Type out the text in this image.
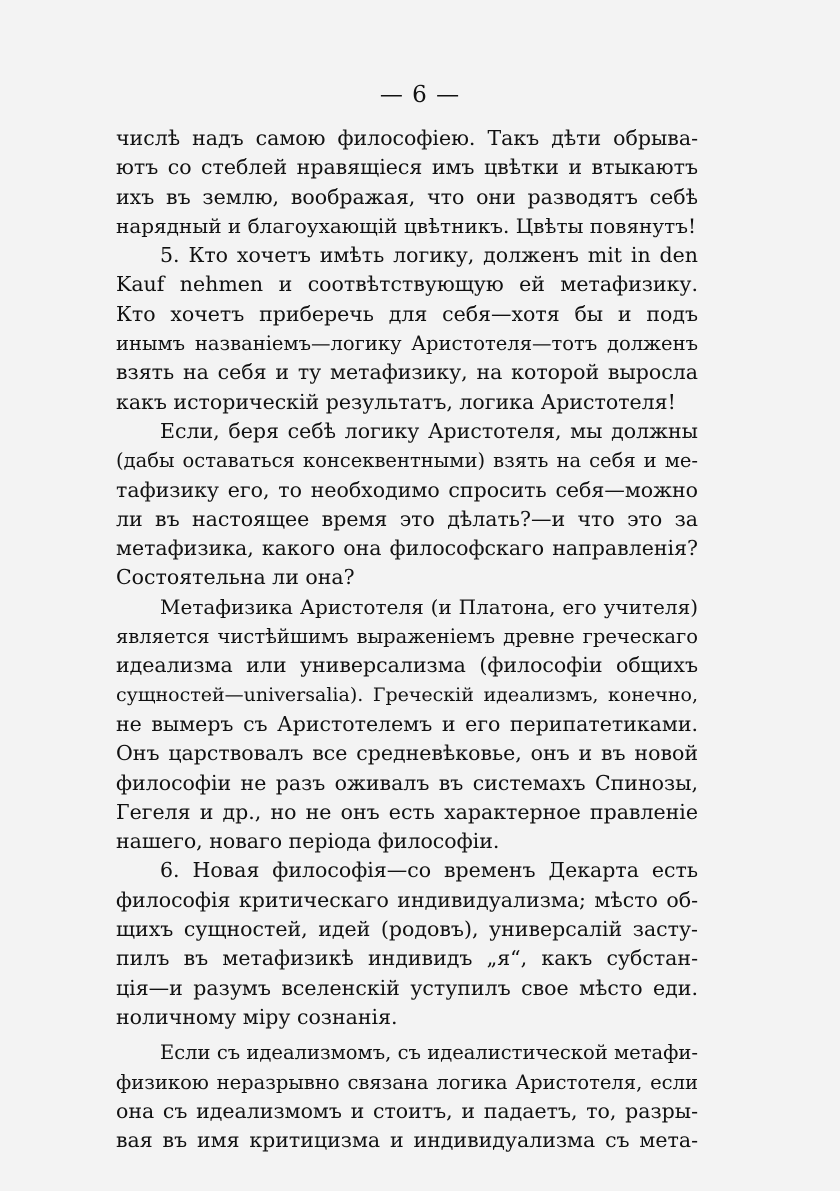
— 6 —
числѣ надъ самою философіею. Такъ дѣти обрыва-
ютъ со стеблей нравящіеся имъ цвѣтки и втыкаютъ
ихъ въ землю, воображая, что они разводятъ себѣ
нарядный и благоухающій цвѣтникъ. Цвѣты повянутъ!
5. Кто хочетъ имѣть логику, долженъ mit in den
Kauf nehmen и соотвѣтствующую ей метафизику.
Кто хочетъ приберечь для себя—хотя бы и подъ
инымъ названіемъ—логику Аристотеля—тотъ долженъ
взять на себя и ту метафизику, на которой выросла
какъ историческій результатъ, логика Аристотеля!
Если, беря себѣ логику Аристотеля, мы должны
(дабы оставаться консеквентными) взять на себя и ме-
тафизику его, то необходимо спросить себя—можно
ли въ настоящее время это дѣлать?—и что это за
метафизика, какого она философскаго направленія?
Состоятельна ли она?
Метафизика Аристотеля (и Платона, его учителя)
является чистѣйшимъ выраженіемъ древне греческаго
идеализма или универсализма (философіи общихъ
сущностей—universalia). Греческій идеализмъ, конечно,
не вымеръ съ Аристотелемъ и его перипатетиками.
Онъ царствовалъ все средневѣковье, онъ и въ новой
философіи не разъ оживалъ въ системахъ Спинозы,
Гегеля и др., но не онъ есть характерное правленіе
нашего, новаго періода философіи.
6. Новая философія—со временъ Декарта есть
философія критическаго индивидуализма; мѣсто об-
щихъ сущностей, идей (родовъ), универсалій засту-
пилъ въ метафизикѣ индивидъ „я“, какъ субстан-
ція—и разумъ вселенскій уступилъ свое мѣсто еди.
ноличному міру сознанія.
Если съ идеализмомъ, съ идеалистической метафи-
физикою неразрывно связана логика Аристотеля, если
она съ идеализмомъ и стоитъ, и падаетъ, то, разры-
вая въ имя критицизма и индивидуализма съ мета-
